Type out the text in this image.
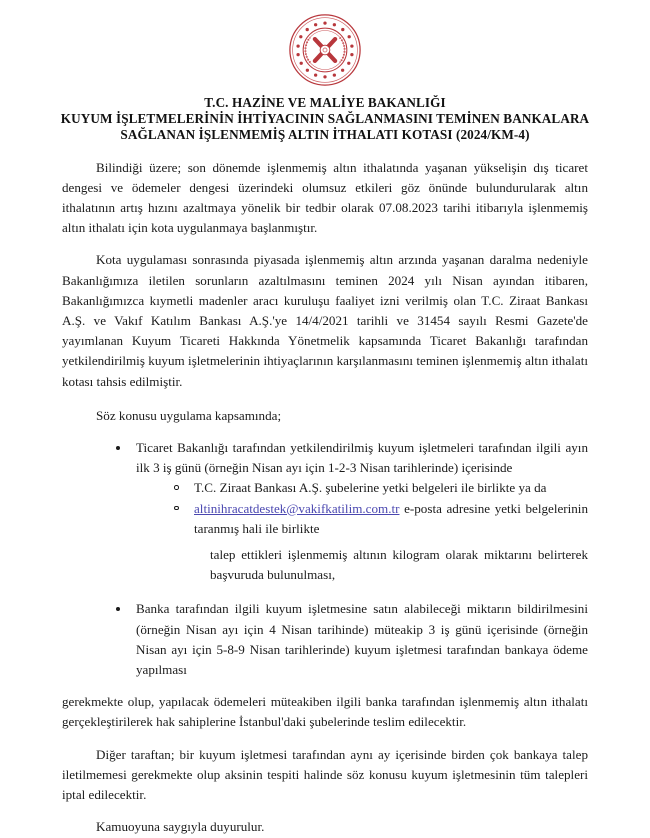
T.C. HAZİNE VE MALİYE BAKANLIĞI
KUYUM İŞLETMELERİNİN İHTİYACININ SAĞLANMASINI TEMİNEN BANKALARA
SAĞLANAN İŞLENMEMİŞ ALTIN İTHALATI KOTASI (2024/KM-4)

Bilindiği üzere; son dönemde işlenmemiş altın ithalatında yaşanan yükselişin dış ticaret dengesi ve ödemeler dengesi üzerindeki olumsuz etkileri göz önünde bulundurularak altın ithalatının artış hızını azaltmaya yönelik bir tedbir olarak 07.08.2023 tarihi itibarıyla işlenmemiş altın ithalatı için kota uygulanmaya başlanmıştır.

Kota uygulaması sonrasında piyasada işlenmemiş altın arzında yaşanan daralma nedeniyle Bakanlığımıza iletilen sorunların azaltılmasını teminen 2024 yılı Nisan ayından itibaren, Bakanlığımızca kıymetli madenler aracı kuruluşu faaliyet izni verilmiş olan T.C. Ziraat Bankası A.Ş. ve Vakıf Katılım Bankası A.Ş.'ye 14/4/2021 tarihli ve 31454 sayılı Resmi Gazete'de yayımlanan Kuyum Ticareti Hakkında Yönetmelik kapsamında Ticaret Bakanlığı tarafından yetkilendirilmiş kuyum işletmelerinin ihtiyaçlarının karşılanmasını teminen işlenmemiş altın ithalatı kotası tahsis edilmiştir.

Söz konusu uygulama kapsamında;

Ticaret Bakanlığı tarafından yetkilendirilmiş kuyum işletmeleri tarafından ilgili ayın ilk 3 iş günü (örneğin Nisan ayı için 1-2-3 Nisan tarihlerinde) içerisinde
T.C. Ziraat Bankası A.Ş. şubelerine yetki belgeleri ile birlikte ya da
altinihracatdestek@vakifkatilim.com.tr e-posta adresine yetki belgelerinin taranmış hali ile birlikte

talep ettikleri işlenmemiş altının kilogram olarak miktarını belirterek başvuruda bulunulması,

Banka tarafından ilgili kuyum işletmesine satın alabileceği miktarın bildirilmesini (örneğin Nisan ayı için 4 Nisan tarihinde) müteakip 3 iş günü içerisinde (örneğin Nisan ayı için 5-8-9 Nisan tarihlerinde) kuyum işletmesi tarafından bankaya ödeme yapılması

gerekmekte olup, yapılacak ödemeleri müteakiben ilgili banka tarafından işlenmemiş altın ithalatı gerçekleştirilerek hak sahiplerine İstanbul'daki şubelerinde teslim edilecektir.

Diğer taraftan; bir kuyum işletmesi tarafından aynı ay içerisinde birden çok bankaya talep iletilmemesi gerekmekte olup aksinin tespiti halinde söz konusu kuyum işletmesinin tüm talepleri iptal edilecektir.

Kamuoyuna saygıyla duyurulur.
